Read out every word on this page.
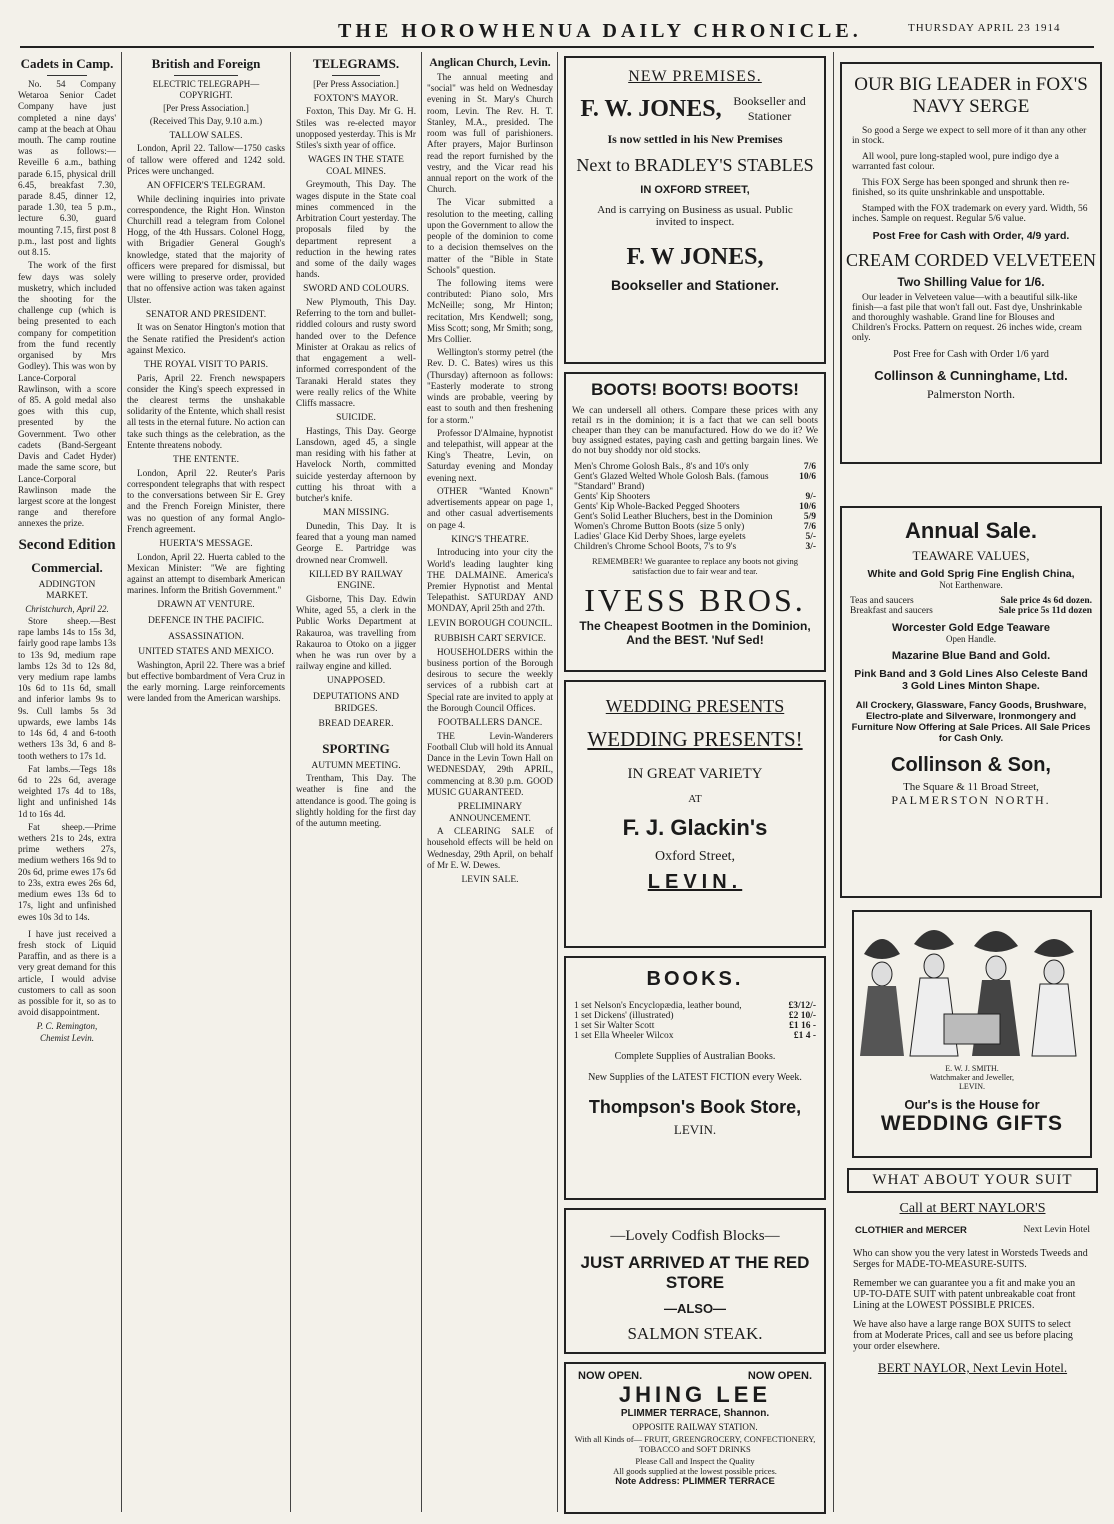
THE HOROWHENUA DAILY CHRONICLE.	THURSDAY APRIL 23 1914
Cadets in Camp.

No. 54 Company Wetaroa Senior Cadet Company have just completed a nine days' camp at the beach at Ohau mouth. The camp routine was as follows:— Reveille 6 a.m., bathing parade 6.15, physical drill 6.45, breakfast 7.30, parade 8.45, dinner 12, parade 1.30, tea 5 p.m., lecture 6.30, guard mounting 7.15, first post 8 p.m., last post and lights out 8.15.

The work of the first few days was solely musketry, which included the shooting for the challenge cup (which is being presented to each company for competition from the fund recently organised by Mrs Godley). This was won by Lance-Corporal Rawlinson, with a score of 85. A gold medal also goes with this cup, presented by the Government. Two other cadets (Band-Sergeant Davis and Cadet Hyder) made the same score, but Lance-Corporal Rawlinson made the largest score at the longest range and therefore annexes the prize.

Second Edition
Commercial.
ADDINGTON MARKET.
Christchurch, April 22.

Store sheep.—Best rape lambs 14s to 15s 3d, fairly good rape lambs 13s to 13s 9d, medium rape lambs 12s 3d to 12s 8d, very medium rape lambs 10s 6d to 11s 6d, small and inferior lambs 9s to 9s. Cull lambs 5s 3d upwards, ewe lambs 14s to 14s 6d, 4 and 6-tooth wethers 13s 3d, 6 and 8-tooth wethers to 17s 1d.

Fat lambs.—Tegs 18s 6d to 22s 6d, average weighted 17s 4d to 18s, light and unfinished 14s 1d to 16s 4d.

Fat sheep.—Prime wethers 21s to 24s, extra prime wethers 27s, medium wethers 16s 9d to 20s 6d, prime ewes 17s 6d to 23s, extra ewes 26s 6d, medium ewes 13s 6d to 17s, light and unfinished ewes 10s 3d to 14s.

I have just received a fresh stock of Liquid Paraffin, and as there is a very great demand for this article, I would advise customers to call as soon as possible for it, so as to avoid disappointment.

P. C. Remington,
Chemist Levin.
British and Foreign
ELECTRIC TELEGRAPH—COPYRIGHT.
[Per Press Association.]
(Received This Day, 9.10 a.m.)
TALLOW SALES.

London, April 22. Tallow—1750 casks of tallow were offered and 1242 sold. Prices were unchanged.

AN OFFICER'S TELEGRAM.

While declining inquiries into private correspondence, the Right Hon. Winston Churchill read a telegram from Colonel Hogg, of the 4th Hussars. Colonel Hogg, with Brigadier General Gough's knowledge, stated that the majority of officers were prepared for dismissal, but were willing to preserve order, provided that no offensive action was taken against Ulster.

SENATOR AND PRESIDENT.

It was on Senator Hington's motion that the Senate ratified the President's action against Mexico.

THE ROYAL VISIT TO PARIS.

Paris, April 22. French newspapers consider the King's speech expressed in the clearest terms the unshakable solidarity of the Entente, which shall resist all tests in the eternal future. No action can take such things as the celebration, as the Entente threatens nobody.

THE ENTENTE.

London, April 22. Reuter's Paris correspondent telegraphs that with respect to the conversations between Sir E. Grey and the French Foreign Minister, there was no question of any formal Anglo-French agreement.

HUERTA'S MESSAGE.

London, April 22. Huerta cabled to the Mexican Minister: "We are fighting against an attempt to disembark American marines. Inform the British Government."

DRAWN AT VENTURE.
DEFENCE IN THE PACIFIC.
ASSASSINATION.
UNITED STATES AND MEXICO.

Washington, April 22. There was a brief but effective bombardment of Vera Cruz in the early morning. Large reinforcements were landed from the American warships.

TELEGRAMS.
[Per Press Association.]
FOXTON'S MAYOR.

Foxton, This Day. Mr G. H. Stiles was re-elected mayor unopposed yesterday. This is Mr Stiles's sixth year of office.

WAGES IN THE STATE COAL MINES.

Greymouth, This Day. The wages dispute in the State coal mines commenced in the Arbitration Court yesterday. The proposals filed by the department represent a reduction in the hewing rates and some of the daily wages hands.

SWORD AND COLOURS.

New Plymouth, This Day. Referring to the torn and bullet-riddled colours and rusty sword handed over to the Defence Minister at Orakau as relics of that engagement a well-informed correspondent of the Taranaki Herald states they were really relics of the White Cliffs massacre.

SUICIDE.

Hastings, This Day. George Lansdown, aged 45, a single man residing with his father at Havelock North, committed suicide yesterday afternoon by cutting his throat with a butcher's knife.

MAN MISSING.

Dunedin, This Day. It is feared that a young man named George E. Partridge was drowned near Cromwell.

KILLED BY RAILWAY ENGINE.

Gisborne, This Day. Edwin White, aged 55, a clerk in the Public Works Department at Rakauroa, was travelling from Rakauroa to Otoko on a jigger when he was run over by a railway engine and killed.

UNAPPOSED.
DEPUTATIONS AND BRIDGES.
BREAD DEARER.
SPORTING
AUTUMN MEETING.

Trentham, This Day. The weather is fine and the attendance is good. The going is slightly holding for the first day of the autumn meeting.

Anglican Church, Levin.

The annual meeting and "social" was held on Wednesday evening in St. Mary's Church room, Levin. The Rev. H. T. Stanley, M.A., presided. The room was full of parishioners. After prayers, Major Burlinson read the report furnished by the vestry, and the Vicar read his annual report on the work of the Church.

The Vicar submitted a resolution to the meeting, calling upon the Government to allow the people of the dominion to come to a decision themselves on the matter of the "Bible in State Schools" question.

The following items were contributed: Piano solo, Mrs McNeille; song, Mr Hinton; recitation, Mrs Kendwell; song, Miss Scott; song, Mr Smith; song, Mrs Collier.

Wellington's stormy petrel (the Rev. D. C. Bates) wires us this (Thursday) afternoon as follows: "Easterly moderate to strong winds are probable, veering by east to south and then freshening for a storm."

Professor D'Almaine, hypnotist and telepathist, will appear at the King's Theatre, Levin, on Saturday evening and Monday evening next.

OTHER "Wanted Known" advertisements appear on page 1, and other casual advertisements on page 4.

KING'S THEATRE.

Introducing into your city the World's leading laughter king THE DALMAINE. America's Premier Hypnotist and Mental Telepathist. SATURDAY AND MONDAY, April 25th and 27th.

LEVIN BOROUGH COUNCIL.
RUBBISH CART SERVICE.

HOUSEHOLDERS within the business portion of the Borough desirous to secure the weekly services of a rubbish cart at Special rate are invited to apply at the Borough Council Offices.

FOOTBALLERS DANCE.

THE Levin-Wanderers Football Club will hold its Annual Dance in the Levin Town Hall on WEDNESDAY, 29th APRIL, commencing at 8.30 p.m. GOOD MUSIC GUARANTEED.

PRELIMINARY ANNOUNCEMENT.

A CLEARING SALE of household effects will be held on Wednesday, 29th April, on behalf of Mr E. W. Dewes.

LEVIN SALE.
NEW PREMISES.
F. W. JONES, Bookseller and Stationer
Is now settled in his New Premises
Next to BRADLEY'S STABLES
IN OXFORD STREET,
And is carrying on Business as usual. Public invited to inspect.
F. W JONES,
Bookseller and Stationer.
BOOTS! BOOTS! BOOTS!
We can undersell all others. Compare these prices with any retail rs in the dominion; it is a fact that we can sell boots cheaper than they can be manufactured. How do we do it? We buy assigned estates, paying cash and getting bargain lines. We do not buy shoddy nor old stocks.
Men's Chrome Golosh Bals., 8's and 10's only	7/6
Gent's Glazed Welted Whole Golosh Bals. (famous "Standard" Brand)
10/6
Gents' Kip Shooters	9/-
Gents' Kip Whole-Backed Pegged Shooters	10/6
Gent's Solid Leather Bluchers, best in the Dominion	5/9
Women's Chrome Button Boots (size 5 only)	7/6
Ladies' Glace Kid Derby Shoes, large eyelets	5/-
Children's Chrome School Boots, 7's to 9's	3/-
REMEMBER! We guarantee to replace any boots not giving satisfaction due to fair wear and tear.
IVESS BROS.
The Cheapest Bootmen in the Dominion,
And the BEST. 'Nuf Sed!
WEDDING PRESENTS
WEDDING PRESENTS!
IN GREAT VARIETY
AT
F. J. Glackin's
Oxford Street,
LEVIN.
BOOKS.
1 set Nelson's Encyclopædia, leather bound,	£3/12/-
1 set Dickens' (illustrated)	£2 10/-
1 set Sir Walter Scott	£1 16 -
1 set Ella Wheeler Wilcox	£1 4 -
Complete Supplies of Australian Books.
New Supplies of the LATEST FICTION every Week.
Thompson's Book Store,
LEVIN.
—Lovely Codfish Blocks—
JUST ARRIVED AT THE RED STORE
—ALSO—
SALMON STEAK.
NOW OPEN.	NOW OPEN.
JHING LEE
PLIMMER TERRACE, Shannon.
OPPOSITE RAILWAY STATION.
With all Kinds of— FRUIT, GREENGROCERY, CONFECTIONERY, TOBACCO and SOFT DRINKS
Please Call and Inspect the Quality
All goods supplied at the lowest possible prices.
Note Address: PLIMMER TERRACE
OUR BIG LEADER in FOX'S NAVY SERGE

So good a Serge we expect to sell more of it than any other in stock.

All wool, pure long-stapled wool, pure indigo dye a warranted fast colour.

This FOX Serge has been sponged and shrunk then re-finished, so its quite unshrinkable and unspottable.

Stamped with the FOX trademark on every yard. Width, 56 inches. Sample on request. Regular 5/6 value.

Post Free for Cash with Order, 4/9 yard.
CREAM CORDED VELVETEEN
Two Shilling Value for 1/6.

Our leader in Velveteen value—with a beautiful silk-like finish—a fast pile that won't fall out. Fast dye, Unshrinkable and thoroughly washable. Grand line for Blouses and Children's Frocks. Pattern on request. 26 inches wide, cream only.

Post Free for Cash with Order 1/6 yard
Collinson & Cunninghame, Ltd.
Palmerston North.
Annual Sale.
TEAWARE VALUES,
White and Gold Sprig Fine English China,
Not Earthenware.
Teas and saucers	Sale price 4s 6d dozen.
Breakfast and saucers	Sale price 5s 11d dozen
Worcester Gold Edge Teaware
Open Handle.
Mazarine Blue Band and Gold.
Pink Band and 3 Gold Lines Also Celeste Band 3 Gold Lines Minton Shape.
All Crockery, Glassware, Fancy Goods, Brushware, Electro-plate and Silverware, Ironmongery and Furniture Now Offering at Sale Prices. All Sale Prices for Cash Only.
Collinson & Son,
The Square & 11 Broad Street,
PALMERSTON NORTH.
E. W. J. SMITH.
Watchmaker and Jeweller,
LEVIN.
Our's is the House for
WEDDING GIFTS
WHAT ABOUT YOUR SUIT
Call at BERT NAYLOR'S
CLOTHIER and MERCER	Next Levin Hotel

Who can show you the very latest in Worsteds Tweeds and Serges for MADE-TO-MEASURE-SUITS.

Remember we can guarantee you a fit and make you an UP-TO-DATE SUIT with patent unbreakable coat front Lining at the LOWEST POSSIBLE PRICES.

We have also have a large range BOX SUITS to select from at Moderate Prices, call and see us before placing your order elsewhere.

BERT NAYLOR, Next Levin Hotel.
